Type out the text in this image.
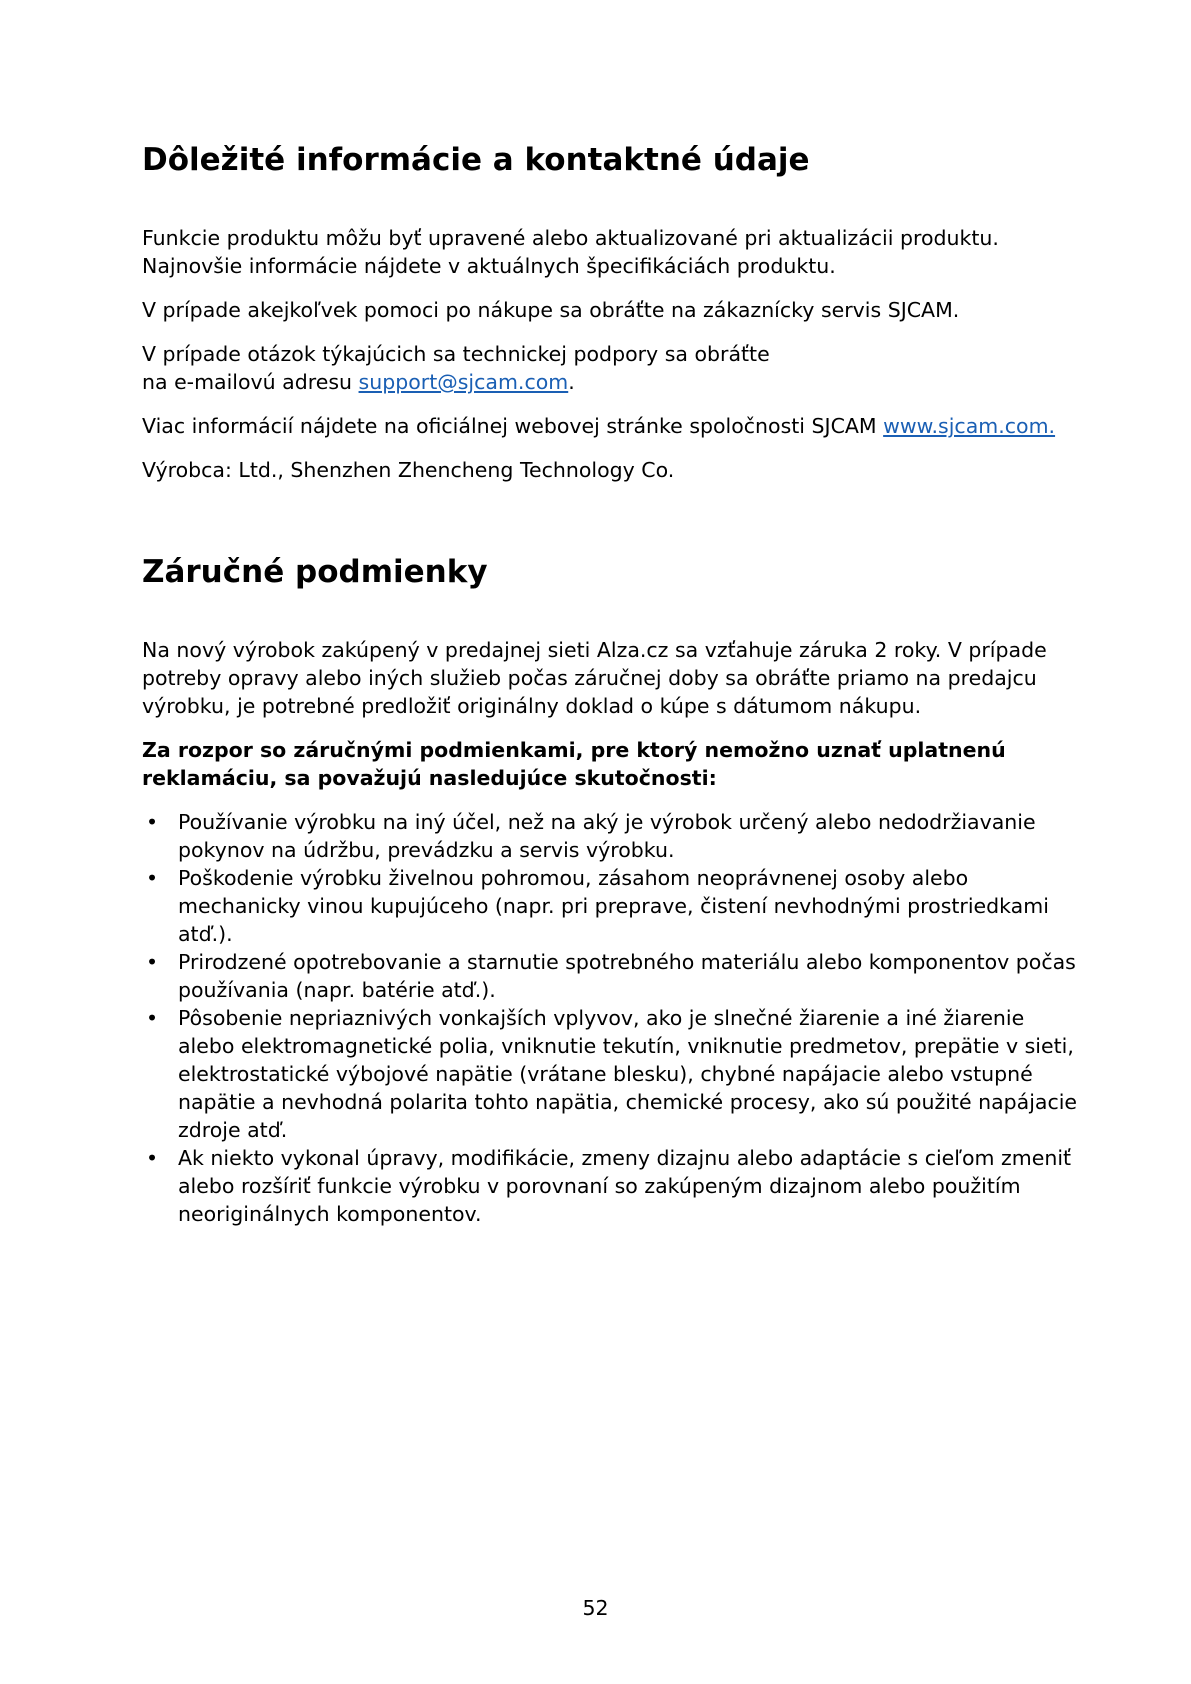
Dôležité informácie a kontaktné údaje

Funkcie produktu môžu byť upravené alebo aktualizované pri aktualizácii produktu.
Najnovšie informácie nájdete v aktuálnych špecifikáciách produktu.

V prípade akejkoľvek pomoci po nákupe sa obráťte na zákaznícky servis SJCAM.

V prípade otázok týkajúcich sa technickej podpory sa obráťte
na e-mailovú adresu support@sjcam.com.

Viac informácií nájdete na oficiálnej webovej stránke spoločnosti SJCAM www.sjcam.com.

Výrobca: Ltd., Shenzhen Zhencheng Technology Co.

Záručné podmienky

Na nový výrobok zakúpený v predajnej sieti Alza.cz sa vzťahuje záruka 2 roky. V prípade
potreby opravy alebo iných služieb počas záručnej doby sa obráťte priamo na predajcu
výrobku, je potrebné predložiť originálny doklad o kúpe s dátumom nákupu.

Za rozpor so záručnými podmienkami, pre ktorý nemožno uznať uplatnenú
reklamáciu, sa považujú nasledujúce skutočnosti:

• Používanie výrobku na iný účel, než na aký je výrobok určený alebo nedodržiavanie
pokynov na údržbu, prevádzku a servis výrobku.
• Poškodenie výrobku živelnou pohromou, zásahom neoprávnenej osoby alebo
mechanicky vinou kupujúceho (napr. pri preprave, čistení nevhodnými prostriedkami
atď.).
• Prirodzené opotrebovanie a starnutie spotrebného materiálu alebo komponentov počas
používania (napr. batérie atď.).
• Pôsobenie nepriaznivých vonkajších vplyvov, ako je slnečné žiarenie a iné žiarenie
alebo elektromagnetické polia, vniknutie tekutín, vniknutie predmetov, prepätie v sieti,
elektrostatické výbojové napätie (vrátane blesku), chybné napájacie alebo vstupné
napätie a nevhodná polarita tohto napätia, chemické procesy, ako sú použité napájacie
zdroje atď.
• Ak niekto vykonal úpravy, modifikácie, zmeny dizajnu alebo adaptácie s cieľom zmeniť
alebo rozšíriť funkcie výrobku v porovnaní so zakúpeným dizajnom alebo použitím
neoriginálnych komponentov.
52
